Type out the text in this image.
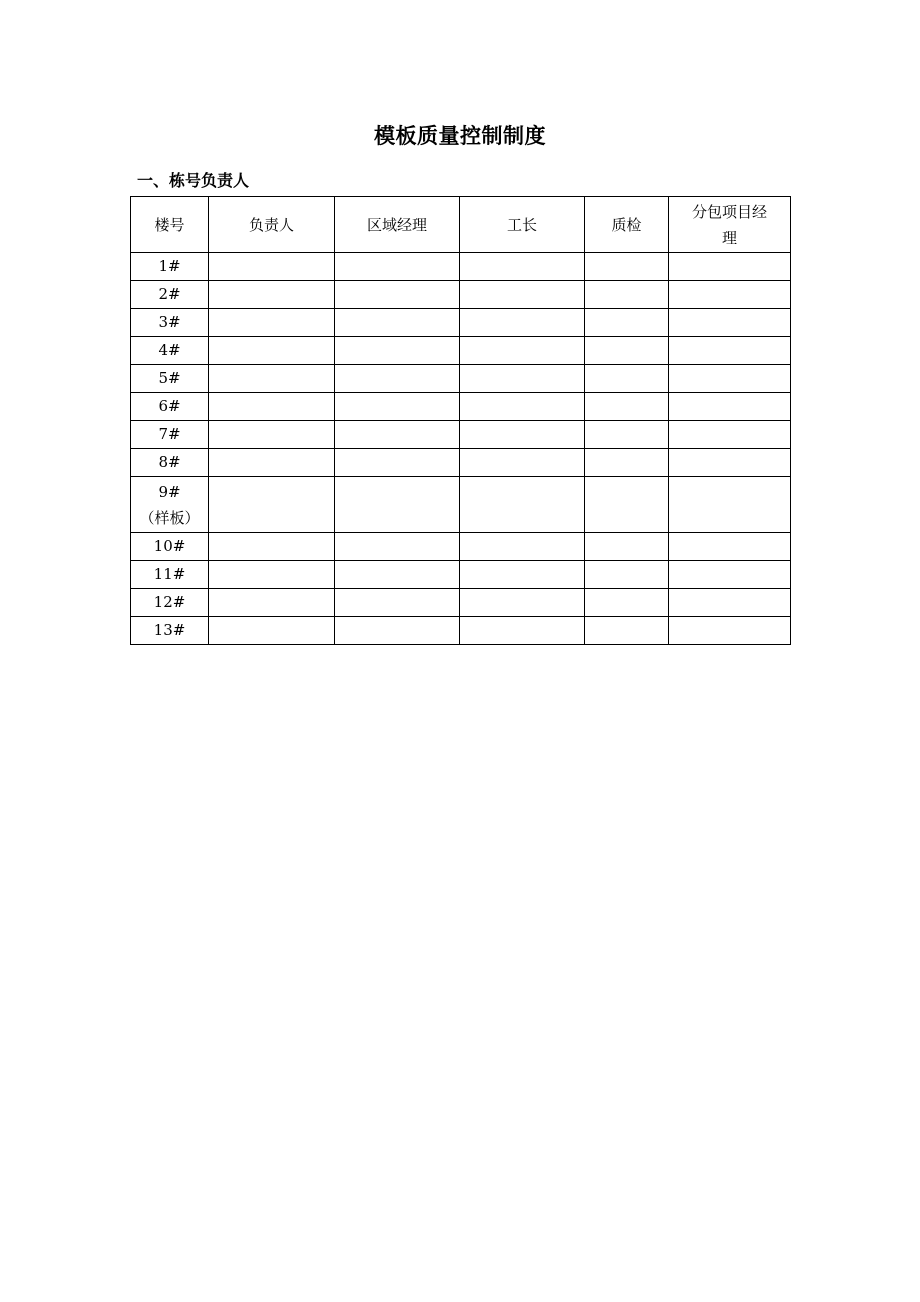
模板质量控制制度
一、栋号负责人
楼号	负责人	区域经理	工长	质检	分包项目经
理

1#					

2#					

3#					

4#					

5#					

6#					

7#					

8#					

9#
（样板）					

10#					

11#					

12#					

13#					
